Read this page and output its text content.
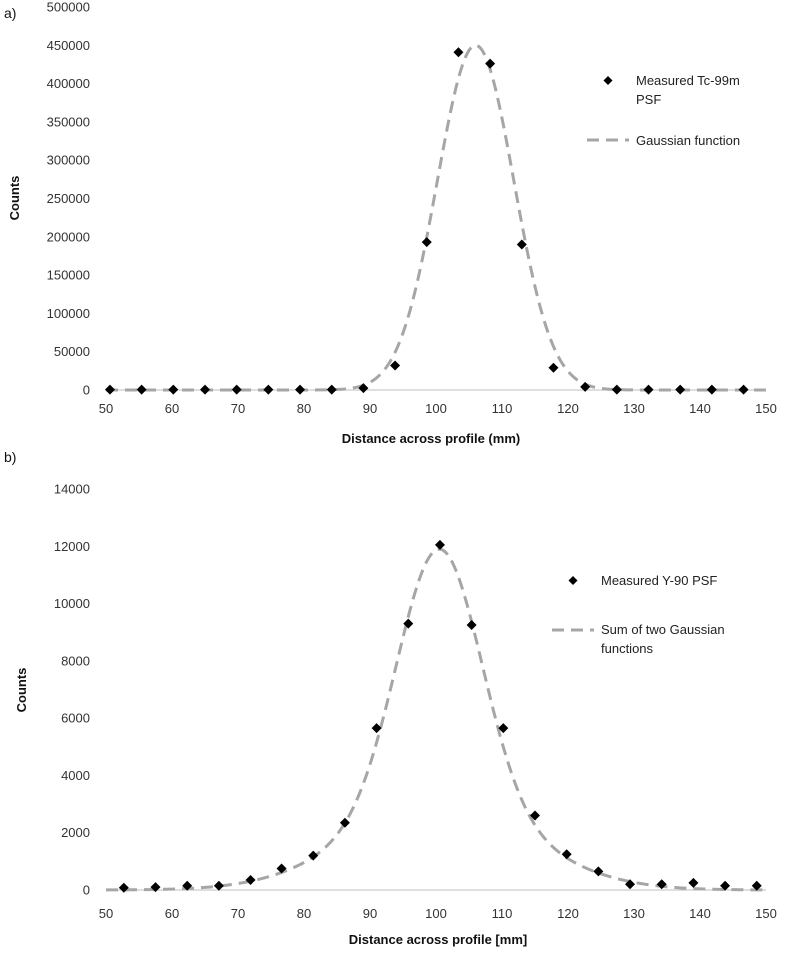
a)
0
50000
100000
150000
200000
250000
300000
350000
400000
450000
500000
50	60	70	80	90	100	110	120	130	140	150
Counts
Distance across profile (mm)
Measured Tc-99m PSF
Gaussian function
b)
0
2000
4000
6000
8000
10000
12000
14000
50	60	70	80	90	100	110	120	130	140	150
Counts
Distance across profile [mm]
Measured Y-90 PSF
Sum of two Gaussian functions
